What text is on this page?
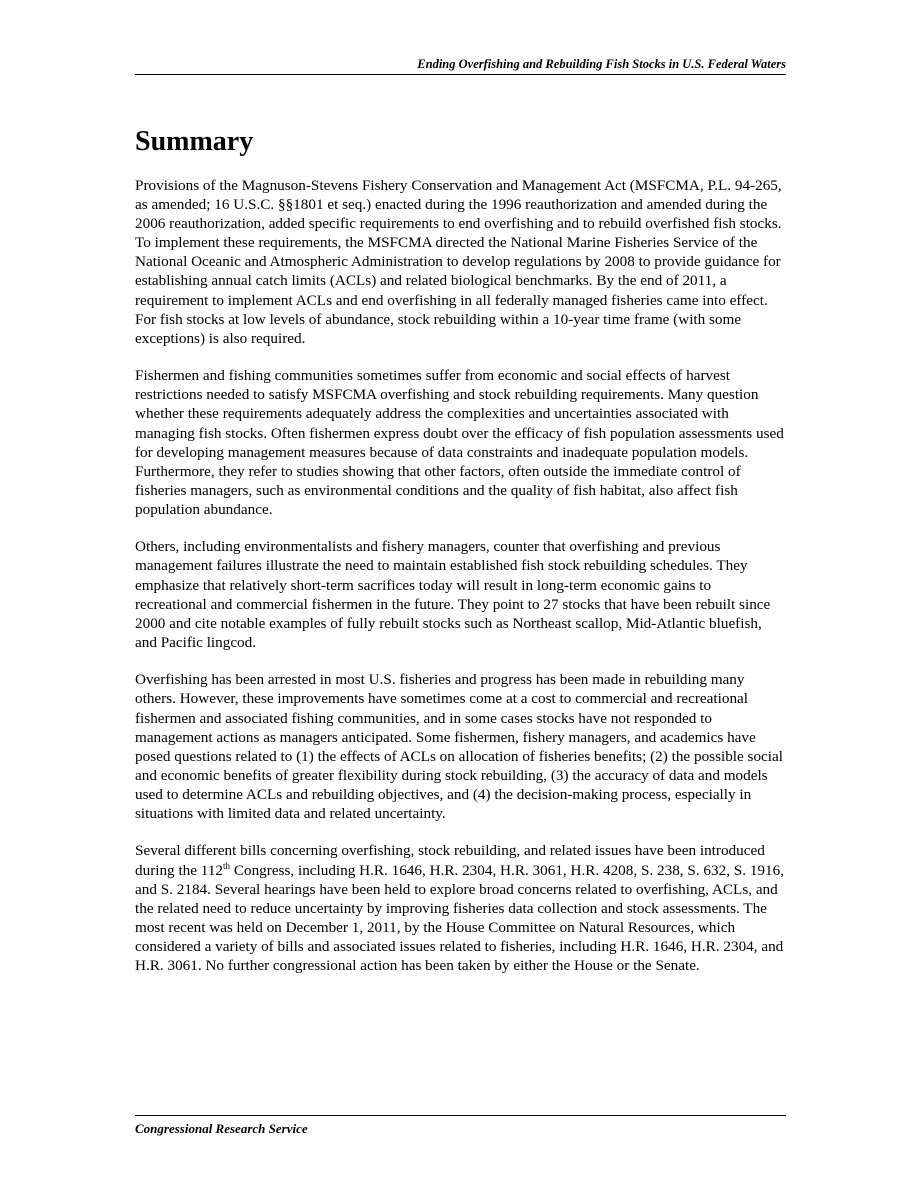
Ending Overfishing and Rebuilding Fish Stocks in U.S. Federal Waters
Summary

Provisions of the Magnuson-Stevens Fishery Conservation and Management Act (MSFCMA, P.L. 94-265, as amended; 16 U.S.C. §§1801 et seq.) enacted during the 1996 reauthorization and amended during the 2006 reauthorization, added specific requirements to end overfishing and to rebuild overfished fish stocks. To implement these requirements, the MSFCMA directed the National Marine Fisheries Service of the National Oceanic and Atmospheric Administration to develop regulations by 2008 to provide guidance for establishing annual catch limits (ACLs) and related biological benchmarks. By the end of 2011, a requirement to implement ACLs and end overfishing in all federally managed fisheries came into effect. For fish stocks at low levels of abundance, stock rebuilding within a 10-year time frame (with some exceptions) is also required.

Fishermen and fishing communities sometimes suffer from economic and social effects of harvest restrictions needed to satisfy MSFCMA overfishing and stock rebuilding requirements. Many question whether these requirements adequately address the complexities and uncertainties associated with managing fish stocks. Often fishermen express doubt over the efficacy of fish population assessments used for developing management measures because of data constraints and inadequate population models. Furthermore, they refer to studies showing that other factors, often outside the immediate control of fisheries managers, such as environmental conditions and the quality of fish habitat, also affect fish population abundance.

Others, including environmentalists and fishery managers, counter that overfishing and previous management failures illustrate the need to maintain established fish stock rebuilding schedules. They emphasize that relatively short-term sacrifices today will result in long-term economic gains to recreational and commercial fishermen in the future. They point to 27 stocks that have been rebuilt since 2000 and cite notable examples of fully rebuilt stocks such as Northeast scallop, Mid-Atlantic bluefish, and Pacific lingcod.

Overfishing has been arrested in most U.S. fisheries and progress has been made in rebuilding many others. However, these improvements have sometimes come at a cost to commercial and recreational fishermen and associated fishing communities, and in some cases stocks have not responded to management actions as managers anticipated. Some fishermen, fishery managers, and academics have posed questions related to (1) the effects of ACLs on allocation of fisheries benefits; (2) the possible social and economic benefits of greater flexibility during stock rebuilding, (3) the accuracy of data and models used to determine ACLs and rebuilding objectives, and (4) the decision-making process, especially in situations with limited data and related uncertainty.

Several different bills concerning overfishing, stock rebuilding, and related issues have been introduced during the 112th Congress, including H.R. 1646, H.R. 2304, H.R. 3061, H.R. 4208, S. 238, S. 632, S. 1916, and S. 2184. Several hearings have been held to explore broad concerns related to overfishing, ACLs, and the related need to reduce uncertainty by improving fisheries data collection and stock assessments. The most recent was held on December 1, 2011, by the House Committee on Natural Resources, which considered a variety of bills and associated issues related to fisheries, including H.R. 1646, H.R. 2304, and H.R. 3061. No further congressional action has been taken by either the House or the Senate.

Congressional Research Service
